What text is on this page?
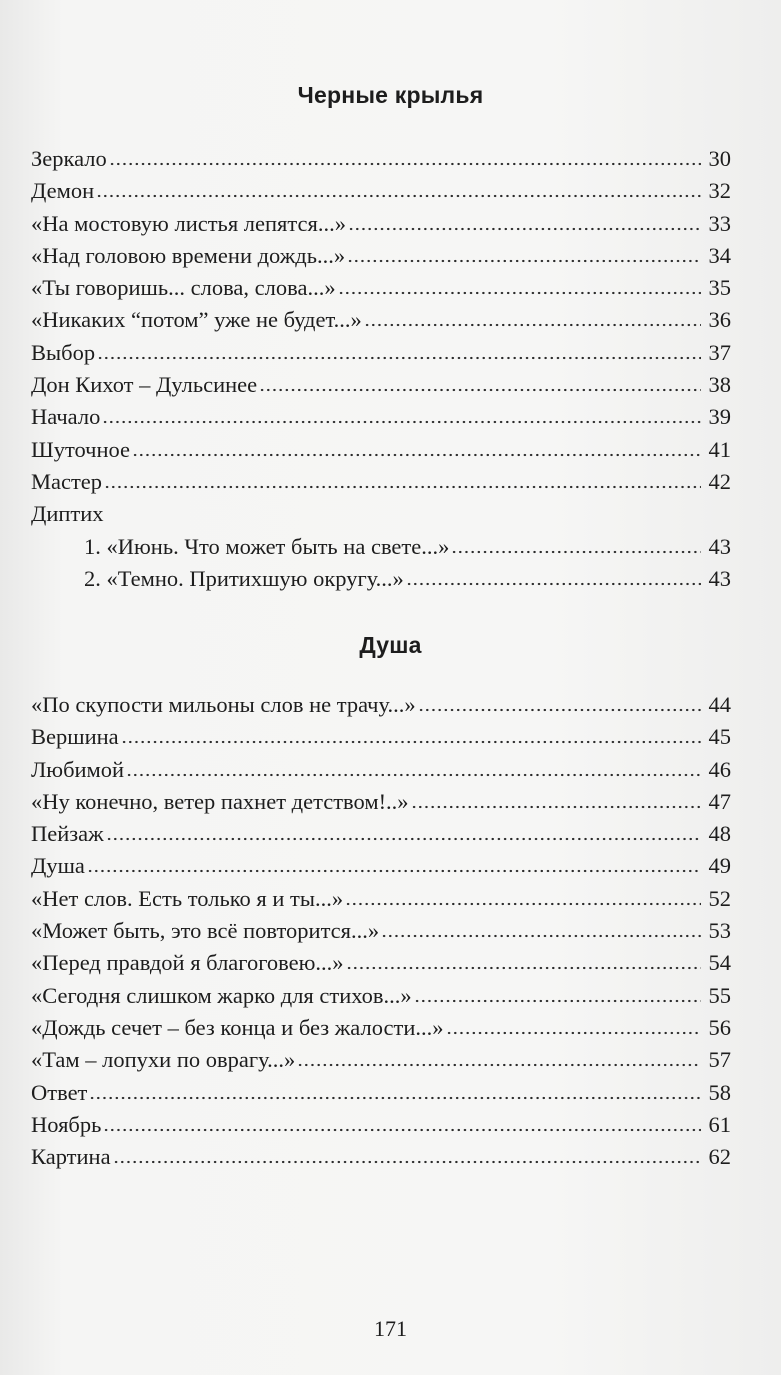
Черные крылья
Зеркало	30
Демон	32
«На мостовую листья лепятся...»	33
«Над головою времени дождь...»	34
«Ты говоришь... слова, слова...»	35
«Никаких “потом” уже не будет...»	36
Выбор	37
Дон Кихот – Дульсинее	38
Начало	39
Шуточное	41
Мастер	42
Диптих
1. «Июнь. Что может быть на свете...»	43
2. «Темно. Притихшую округу...»	43
Душа
«По скупости мильоны слов не трачу...»	44
Вершина	45
Любимой	46
«Ну конечно, ветер пахнет детством!..»	47
Пейзаж	48
Душа	49
«Нет слов. Есть только я и ты...»	52
«Может быть, это всё повторится...»	53
«Перед правдой я благоговею...»	54
«Сегодня слишком жарко для стихов...»	55
«Дождь сечет – без конца и без жалости...»	56
«Там – лопухи по оврагу...»	57
Ответ	58
Ноябрь	61
Картина	62
171
